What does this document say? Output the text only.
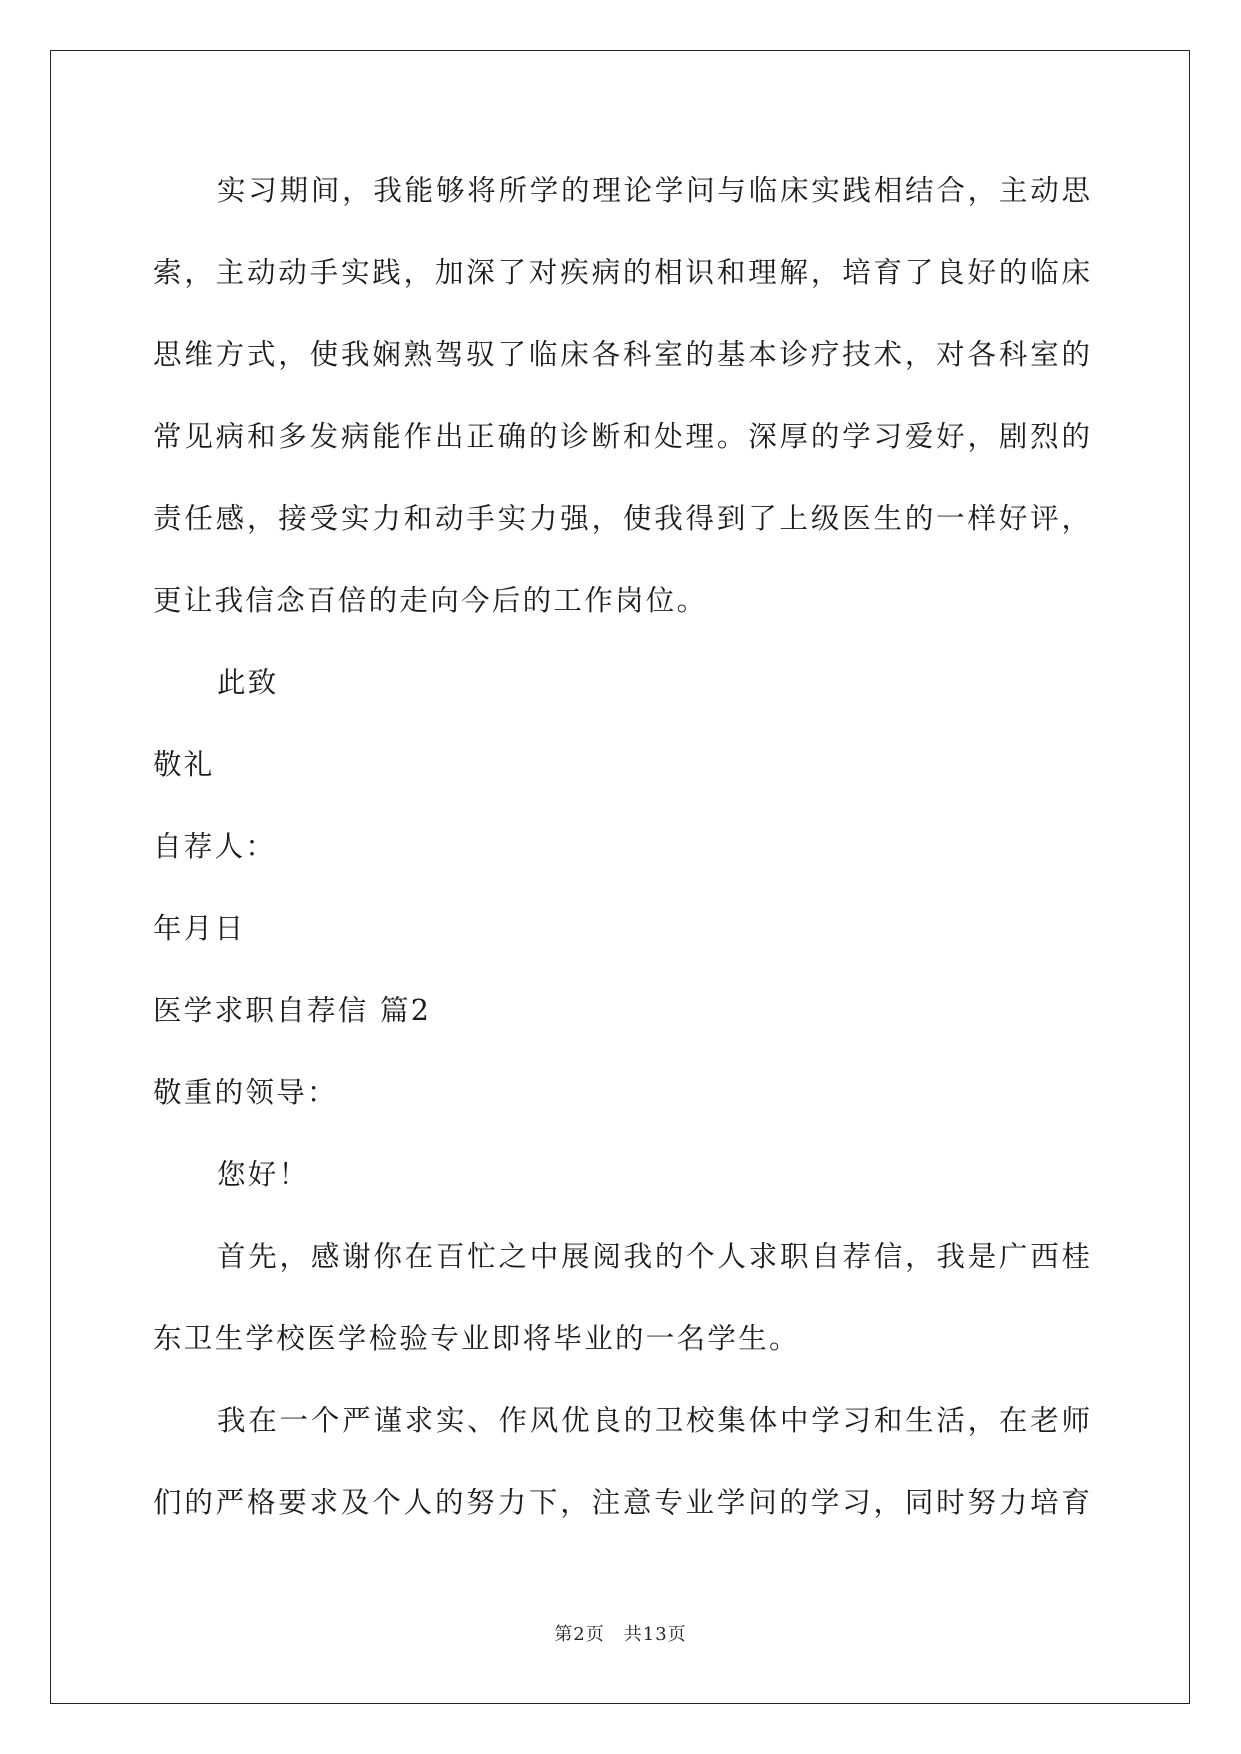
实习期间，我能够将所学的理论学问与临床实践相结合，主动思
索，主动动手实践，加深了对疾病的相识和理解，培育了良好的临床
思维方式，使我娴熟驾驭了临床各科室的基本诊疗技术，对各科室的
常见病和多发病能作出正确的诊断和处理。深厚的学习爱好，剧烈的
责任感，接受实力和动手实力强，使我得到了上级医生的一样好评，
更让我信念百倍的走向今后的工作岗位。
此致
敬礼
自荐人：
年月日
医学求职自荐信 篇2
敬重的领导：
您好！
首先，感谢你在百忙之中展阅我的个人求职自荐信，我是广西桂
东卫生学校医学检验专业即将毕业的一名学生。
我在一个严谨求实、作风优良的卫校集体中学习和生活，在老师
们的严格要求及个人的努力下，注意专业学问的学习，同时努力培育
第2页　共13页
